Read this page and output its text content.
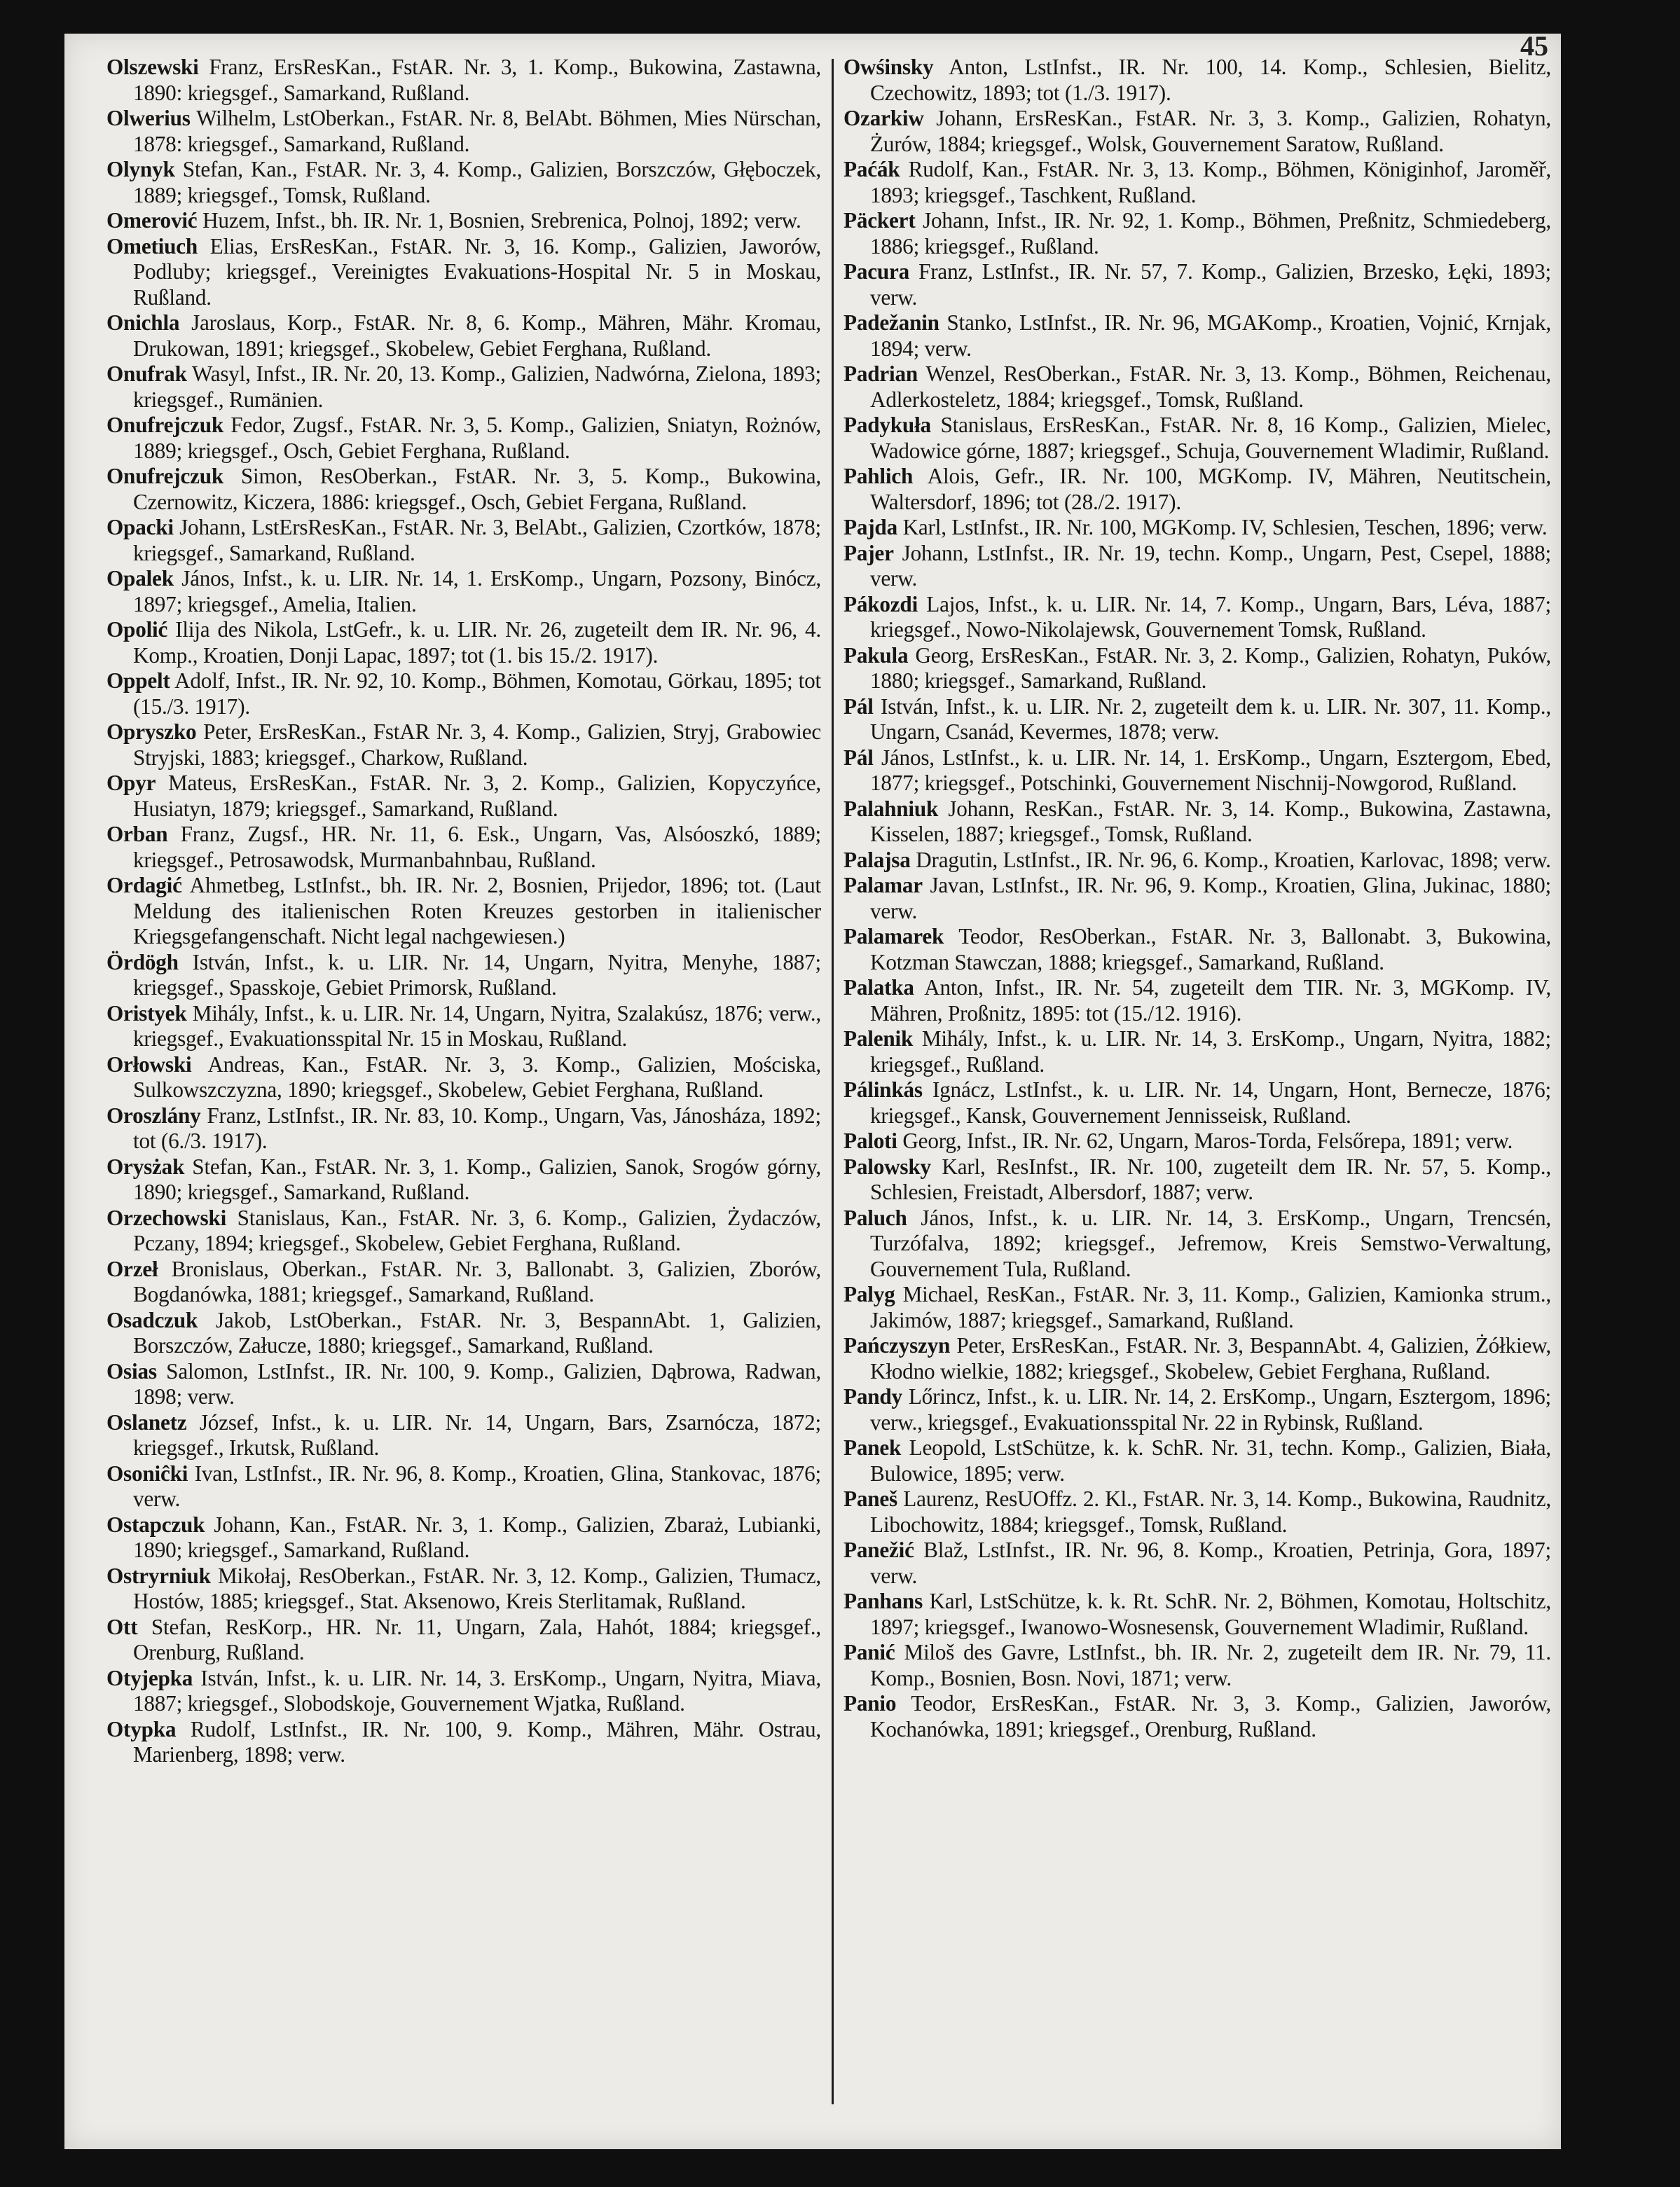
45

Olszewski Franz, ErsResKan., FstAR. Nr. 3, 1. Komp., Bukowina, Zastawna, 1890: kriegsgef., Samarkand, Rußland.

Olwerius Wilhelm, LstOberkan., FstAR. Nr. 8, BelAbt. Böhmen, Mies Nürschan, 1878: kriegsgef., Samarkand, Rußland.

Olynyk Stefan, Kan., FstAR. Nr. 3, 4. Komp., Galizien, Borszczów, Głęboczek, 1889; kriegsgef., Tomsk, Rußland.

Omerović Huzem, Infst., bh. IR. Nr. 1, Bosnien, Srebrenica, Polnoj, 1892; verw.

Ometiuch Elias, ErsResKan., FstAR. Nr. 3, 16. Komp., Galizien, Jaworów, Podluby; kriegsgef., Vereinigtes Evakuations-Hospital Nr. 5 in Moskau, Rußland.

Onichla Jaroslaus, Korp., FstAR. Nr. 8, 6. Komp., Mähren, Mähr. Kromau, Drukowan, 1891; kriegsgef., Skobelew, Gebiet Ferghana, Rußland.

Onufrak Wasyl, Infst., IR. Nr. 20, 13. Komp., Galizien, Nadwórna, Zielona, 1893; kriegsgef., Rumänien.

Onufrejczuk Fedor, Zugsf., FstAR. Nr. 3, 5. Komp., Galizien, Sniatyn, Rożnów, 1889; kriegsgef., Osch, Gebiet Ferghana, Rußland.

Onufrejczuk Simon, ResOberkan., FstAR. Nr. 3, 5. Komp., Bukowina, Czernowitz, Kiczera, 1886: kriegsgef., Osch, Gebiet Fergana, Rußland.

Opacki Johann, LstErsResKan., FstAR. Nr. 3, BelAbt., Galizien, Czortków, 1878; kriegsgef., Samarkand, Rußland.

Opalek János, Infst., k. u. LIR. Nr. 14, 1. ErsKomp., Ungarn, Pozsony, Binócz, 1897; kriegsgef., Amelia, Italien.

Opolić Ilija des Nikola, LstGefr., k. u. LIR. Nr. 26, zugeteilt dem IR. Nr. 96, 4. Komp., Kroatien, Donji Lapac, 1897; tot (1. bis 15./2. 1917).

Oppelt Adolf, Infst., IR. Nr. 92, 10. Komp., Böhmen, Komotau, Görkau, 1895; tot (15./3. 1917).

Opryszko Peter, ErsResKan., FstAR Nr. 3, 4. Komp., Galizien, Stryj, Grabowiec Stryjski, 1883; kriegsgef., Charkow, Rußland.

Opyr Mateus, ErsResKan., FstAR. Nr. 3, 2. Komp., Galizien, Kopyczyńce, Husiatyn, 1879; kriegsgef., Samarkand, Rußland.

Orban Franz, Zugsf., HR. Nr. 11, 6. Esk., Ungarn, Vas, Alsóoszkó, 1889; kriegsgef., Petrosawodsk, Murmanbahnbau, Rußland.

Ordagić Ahmetbeg, LstInfst., bh. IR. Nr. 2, Bosnien, Prijedor, 1896; tot. (Laut Meldung des italienischen Roten Kreuzes gestorben in italienischer Kriegsgefangenschaft. Nicht legal nachgewiesen.)

Ördögh István, Infst., k. u. LIR. Nr. 14, Ungarn, Nyitra, Menyhe, 1887; kriegsgef., Spasskoje, Gebiet Primorsk, Rußland.

Oristyek Mihály, Infst., k. u. LIR. Nr. 14, Ungarn, Nyitra, Szalakúsz, 1876; verw., kriegsgef., Evakuationsspital Nr. 15 in Moskau, Rußland.

Orłowski Andreas, Kan., FstAR. Nr. 3, 3. Komp., Galizien, Mościska, Sulkowszczyzna, 1890; kriegsgef., Skobelew, Gebiet Ferghana, Rußland.

Oroszlány Franz, LstInfst., IR. Nr. 83, 10. Komp., Ungarn, Vas, Jánosháza, 1892; tot (6./3. 1917).

Orysżak Stefan, Kan., FstAR. Nr. 3, 1. Komp., Galizien, Sanok, Srogów górny, 1890; kriegsgef., Samarkand, Rußland.

Orzechowski Stanislaus, Kan., FstAR. Nr. 3, 6. Komp., Galizien, Żydaczów, Pczany, 1894; kriegsgef., Skobelew, Gebiet Ferghana, Rußland.

Orzeł Bronislaus, Oberkan., FstAR. Nr. 3, Ballonabt. 3, Galizien, Zborów, Bogdanówka, 1881; kriegsgef., Samarkand, Rußland.

Osadczuk Jakob, LstOberkan., FstAR. Nr. 3, BespannAbt. 1, Galizien, Borszczów, Załucze, 1880; kriegsgef., Samarkand, Rußland.

Osias Salomon, LstInfst., IR. Nr. 100, 9. Komp., Galizien, Dąbrowa, Radwan, 1898; verw.

Oslanetz József, Infst., k. u. LIR. Nr. 14, Ungarn, Bars, Zsarnócza, 1872; kriegsgef., Irkutsk, Rußland.

Osoniĉki Ivan, LstInfst., IR. Nr. 96, 8. Komp., Kroatien, Glina, Stankovac, 1876; verw.

Ostapczuk Johann, Kan., FstAR. Nr. 3, 1. Komp., Galizien, Zbaraż, Lubianki, 1890; kriegsgef., Samarkand, Rußland.

Ostryrniuk Mikołaj, ResOberkan., FstAR. Nr. 3, 12. Komp., Galizien, Tłumacz, Hostów, 1885; kriegsgef., Stat. Aksenowo, Kreis Sterlitamak, Rußland.

Ott Stefan, ResKorp., HR. Nr. 11, Ungarn, Zala, Hahót, 1884; kriegsgef., Orenburg, Rußland.

Otyjepka István, Infst., k. u. LIR. Nr. 14, 3. ErsKomp., Ungarn, Nyitra, Miava, 1887; kriegsgef., Slobodskoje, Gouvernement Wjatka, Rußland.

Otypka Rudolf, LstInfst., IR. Nr. 100, 9. Komp., Mähren, Mähr. Ostrau, Marienberg, 1898; verw.

Owśinsky Anton, LstInfst., IR. Nr. 100, 14. Komp., Schlesien, Bielitz, Czechowitz, 1893; tot (1./3. 1917).

Ozarkiw Johann, ErsResKan., FstAR. Nr. 3, 3. Komp., Galizien, Rohatyn, Żurów, 1884; kriegsgef., Wolsk, Gouvernement Saratow, Rußland.

Paćák Rudolf, Kan., FstAR. Nr. 3, 13. Komp., Böhmen, Königinhof, Jaroměř, 1893; kriegsgef., Taschkent, Rußland.

Päckert Johann, Infst., IR. Nr. 92, 1. Komp., Böhmen, Preßnitz, Schmiedeberg, 1886; kriegsgef., Rußland.

Pacura Franz, LstInfst., IR. Nr. 57, 7. Komp., Galizien, Brzesko, Łęki, 1893; verw.

Padežanin Stanko, LstInfst., IR. Nr. 96, MGAKomp., Kroatien, Vojnić, Krnjak, 1894; verw.

Padrian Wenzel, ResOberkan., FstAR. Nr. 3, 13. Komp., Böhmen, Reichenau, Adlerkosteletz, 1884; kriegsgef., Tomsk, Rußland.

Padykuła Stanislaus, ErsResKan., FstAR. Nr. 8, 16 Komp., Galizien, Mielec, Wadowice górne, 1887; kriegsgef., Schuja, Gouvernement Wladimir, Rußland.

Pahlich Alois, Gefr., IR. Nr. 100, MGKomp. IV, Mähren, Neutitschein, Waltersdorf, 1896; tot (28./2. 1917).

Pajda Karl, LstInfst., IR. Nr. 100, MGKomp. IV, Schlesien, Teschen, 1896; verw.

Pajer Johann, LstInfst., IR. Nr. 19, techn. Komp., Ungarn, Pest, Csepel, 1888; verw.

Pákozdi Lajos, Infst., k. u. LIR. Nr. 14, 7. Komp., Ungarn, Bars, Léva, 1887; kriegsgef., Nowo-Nikolajewsk, Gouvernement Tomsk, Rußland.

Pakula Georg, ErsResKan., FstAR. Nr. 3, 2. Komp., Galizien, Rohatyn, Puków, 1880; kriegsgef., Samarkand, Rußland.

Pál István, Infst., k. u. LIR. Nr. 2, zugeteilt dem k. u. LIR. Nr. 307, 11. Komp., Ungarn, Csanád, Kevermes, 1878; verw.

Pál János, LstInfst., k. u. LIR. Nr. 14, 1. ErsKomp., Ungarn, Esztergom, Ebed, 1877; kriegsgef., Potschinki, Gouvernement Nischnij-Nowgorod, Rußland.

Palahniuk Johann, ResKan., FstAR. Nr. 3, 14. Komp., Bukowina, Zastawna, Kisselen, 1887; kriegsgef., Tomsk, Rußland.

Palajsa Dragutin, LstInfst., IR. Nr. 96, 6. Komp., Kroatien, Karlovac, 1898; verw.

Palamar Javan, LstInfst., IR. Nr. 96, 9. Komp., Kroatien, Glina, Jukinac, 1880; verw.

Palamarek Teodor, ResOberkan., FstAR. Nr. 3, Ballonabt. 3, Bukowina, Kotzman Stawczan, 1888; kriegsgef., Samarkand, Rußland.

Palatka Anton, Infst., IR. Nr. 54, zugeteilt dem TIR. Nr. 3, MGKomp. IV, Mähren, Proßnitz, 1895: tot (15./12. 1916).

Palenik Mihály, Infst., k. u. LIR. Nr. 14, 3. ErsKomp., Ungarn, Nyitra, 1882; kriegsgef., Rußland.

Pálinkás Ignácz, LstInfst., k. u. LIR. Nr. 14, Ungarn, Hont, Bernecze, 1876; kriegsgef., Kansk, Gouvernement Jennisseisk, Rußland.

Paloti Georg, Infst., IR. Nr. 62, Ungarn, Maros-Torda, Felsőrepa, 1891; verw.

Palowsky Karl, ResInfst., IR. Nr. 100, zugeteilt dem IR. Nr. 57, 5. Komp., Schlesien, Freistadt, Albersdorf, 1887; verw.

Paluch János, Infst., k. u. LIR. Nr. 14, 3. ErsKomp., Ungarn, Trencsén, Turzófalva, 1892; kriegsgef., Jefremow, Kreis Semstwo-Verwaltung, Gouvernement Tula, Rußland.

Palyg Michael, ResKan., FstAR. Nr. 3, 11. Komp., Galizien, Kamionka strum., Jakimów, 1887; kriegsgef., Samarkand, Rußland.

Pańczyszyn Peter, ErsResKan., FstAR. Nr. 3, BespannAbt. 4, Galizien, Żółkiew, Kłodno wielkie, 1882; kriegsgef., Skobelew, Gebiet Ferghana, Rußland.

Pandy Lőrincz, Infst., k. u. LIR. Nr. 14, 2. ErsKomp., Ungarn, Esztergom, 1896; verw., kriegsgef., Evakuationsspital Nr. 22 in Rybinsk, Rußland.

Panek Leopold, LstSchütze, k. k. SchR. Nr. 31, techn. Komp., Galizien, Biała, Bulowice, 1895; verw.

Paneš Laurenz, ResUOffz. 2. Kl., FstAR. Nr. 3, 14. Komp., Bukowina, Raudnitz, Libochowitz, 1884; kriegsgef., Tomsk, Rußland.

Panežić Blaž, LstInfst., IR. Nr. 96, 8. Komp., Kroatien, Petrinja, Gora, 1897; verw.

Panhans Karl, LstSchütze, k. k. Rt. SchR. Nr. 2, Böhmen, Komotau, Holtschitz, 1897; kriegsgef., Iwanowo-Wosnesensk, Gouvernement Wladimir, Rußland.

Panić Miloš des Gavre, LstInfst., bh. IR. Nr. 2, zugeteilt dem IR. Nr. 79, 11. Komp., Bosnien, Bosn. Novi, 1871; verw.

Panio Teodor, ErsResKan., FstAR. Nr. 3, 3. Komp., Galizien, Jaworów, Kochanówka, 1891; kriegsgef., Orenburg, Rußland.
